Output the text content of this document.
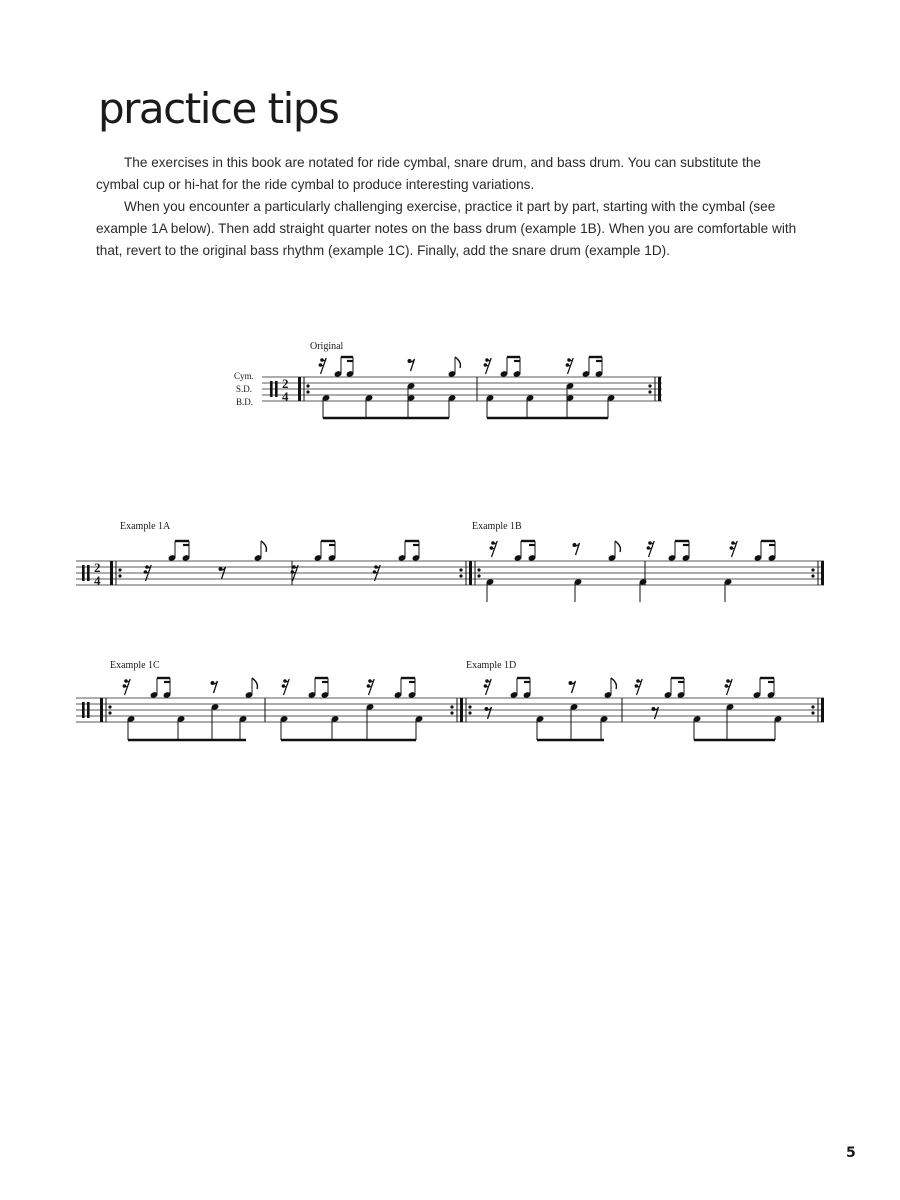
practice tips

The exercises in this book are notated for ride cymbal, snare drum, and bass drum. You can substitute the cymbal cup or hi-hat for the ride cymbal to produce interesting variations.

When you encounter a particularly challenging exercise, practice it part by part, starting with the cymbal (see example 1A below). Then add straight quarter notes on the bass drum (example 1B). When you are comfortable with that, revert to the original bass rhythm (example 1C). Finally, add the snare drum (example 1D).

Original
Cym.
S.D.
B.D.
2
4
Example 1A	Example 1B
2
4
Example 1C	Example 1D
5
